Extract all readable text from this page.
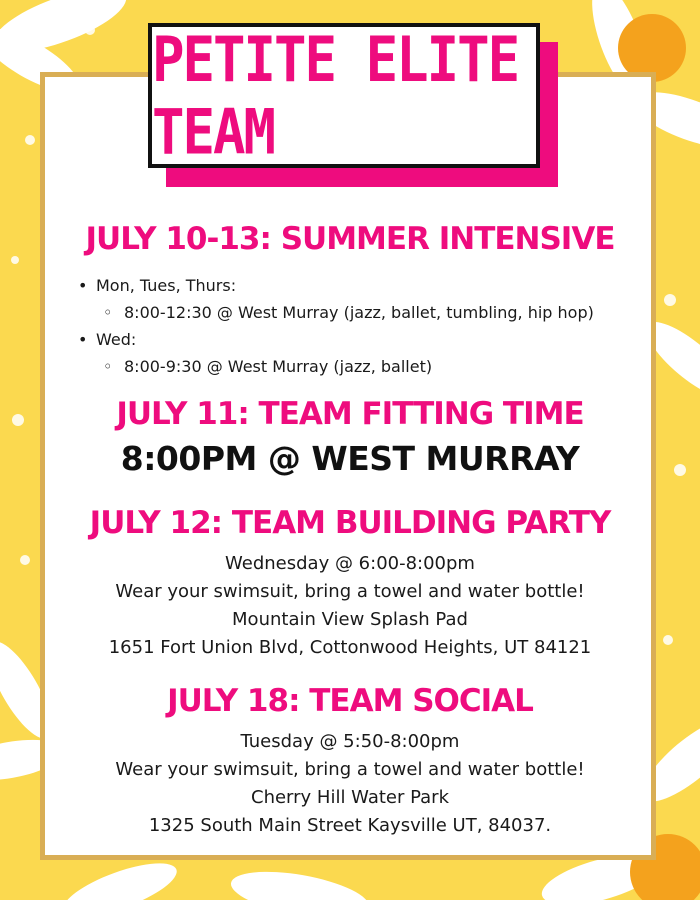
PETITE ELITE TEAM
JULY 10-13: SUMMER INTENSIVE
• Mon, Tues, Thurs:
◦ 8:00-12:30 @ West Murray (jazz, ballet, tumbling, hip hop)
• Wed:
◦ 8:00-9:30 @ West Murray (jazz, ballet)
JULY 11: TEAM FITTING TIME

8:00PM @ WEST MURRAY

JULY 12: TEAM BUILDING PARTY

Wednesday @ 6:00-8:00pm

Wear your swimsuit, bring a towel and water bottle!

Mountain View Splash Pad

1651 Fort Union Blvd, Cottonwood Heights, UT 84121

JULY 18: TEAM SOCIAL

Tuesday @ 5:50-8:00pm

Wear your swimsuit, bring a towel and water bottle!

Cherry Hill Water Park

1325 South Main Street Kaysville UT, 84037.
